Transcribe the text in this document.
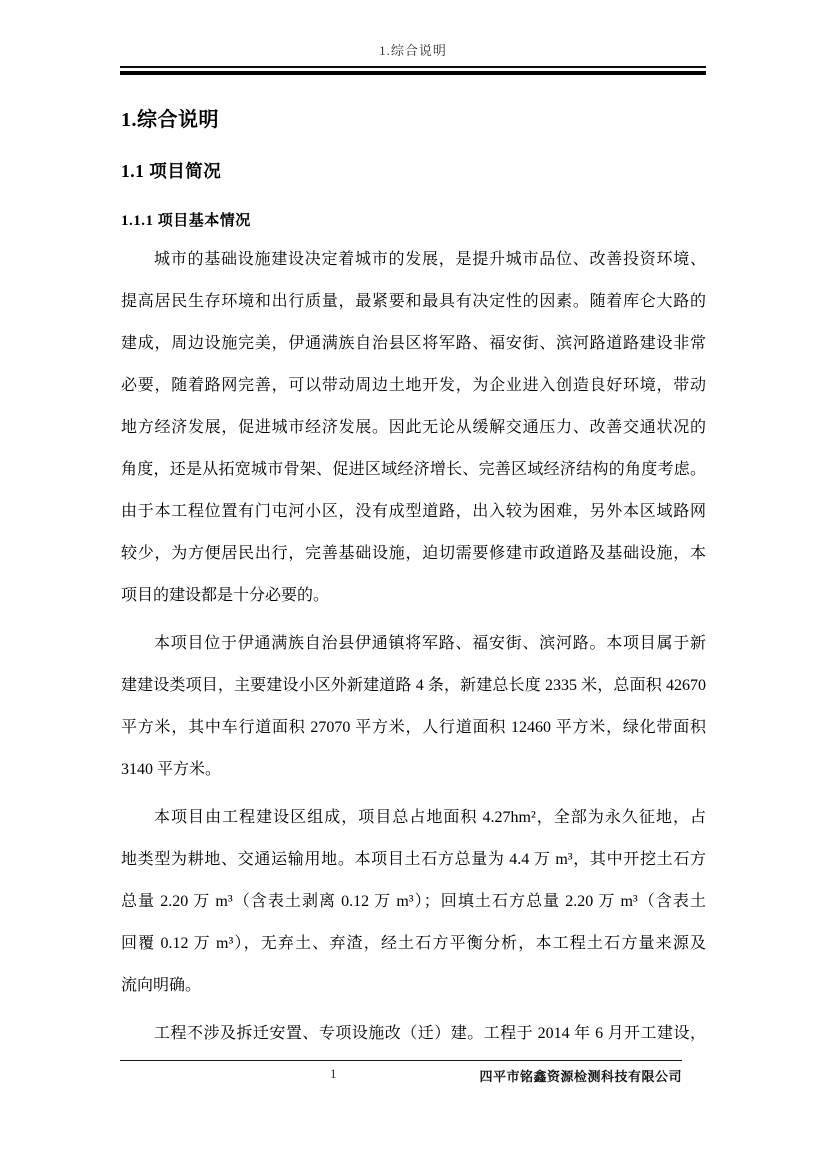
1.综合说明
1.综合说明
1.1 项目简况
1.1.1 项目基本情况
城市的基础设施建设决定着城市的发展，是提升城市品位、改善投资环境、
提高居民生存环境和出行质量，最紧要和最具有决定性的因素。随着库仑大路的
建成，周边设施完美，伊通满族自治县区将军路、福安街、滨河路道路建设非常
必要，随着路网完善，可以带动周边土地开发，为企业进入创造良好环境，带动
地方经济发展，促进城市经济发展。因此无论从缓解交通压力、改善交通状况的
角度，还是从拓宽城市骨架、促进区域经济增长、完善区域经济结构的角度考虑。
由于本工程位置有门屯河小区，没有成型道路，出入较为困难，另外本区域路网
较少，为方便居民出行，完善基础设施，迫切需要修建市政道路及基础设施，本
项目的建设都是十分必要的。
本项目位于伊通满族自治县伊通镇将军路、福安街、滨河路。本项目属于新
建建设类项目，主要建设小区外新建道路 4 条，新建总长度 2335 米，总面积 42670
平方米，其中车行道面积 27070 平方米，人行道面积 12460 平方米，绿化带面积
3140 平方米。
本项目由工程建设区组成，项目总占地面积 4.27hm²，全部为永久征地，占
地类型为耕地、交通运输用地。本项目土石方总量为 4.4 万 m³，其中开挖土石方
总量 2.20 万 m³（含表土剥离 0.12 万 m³）；回填土石方总量 2.20 万 m³（含表土
回覆 0.12 万 m³），无弃土、弃渣，经土石方平衡分析，本工程土石方量来源及
流向明确。
工程不涉及拆迁安置、专项设施改（迁）建。工程于 2014 年 6 月开工建设，
1	四平市铭鑫资源检测科技有限公司
